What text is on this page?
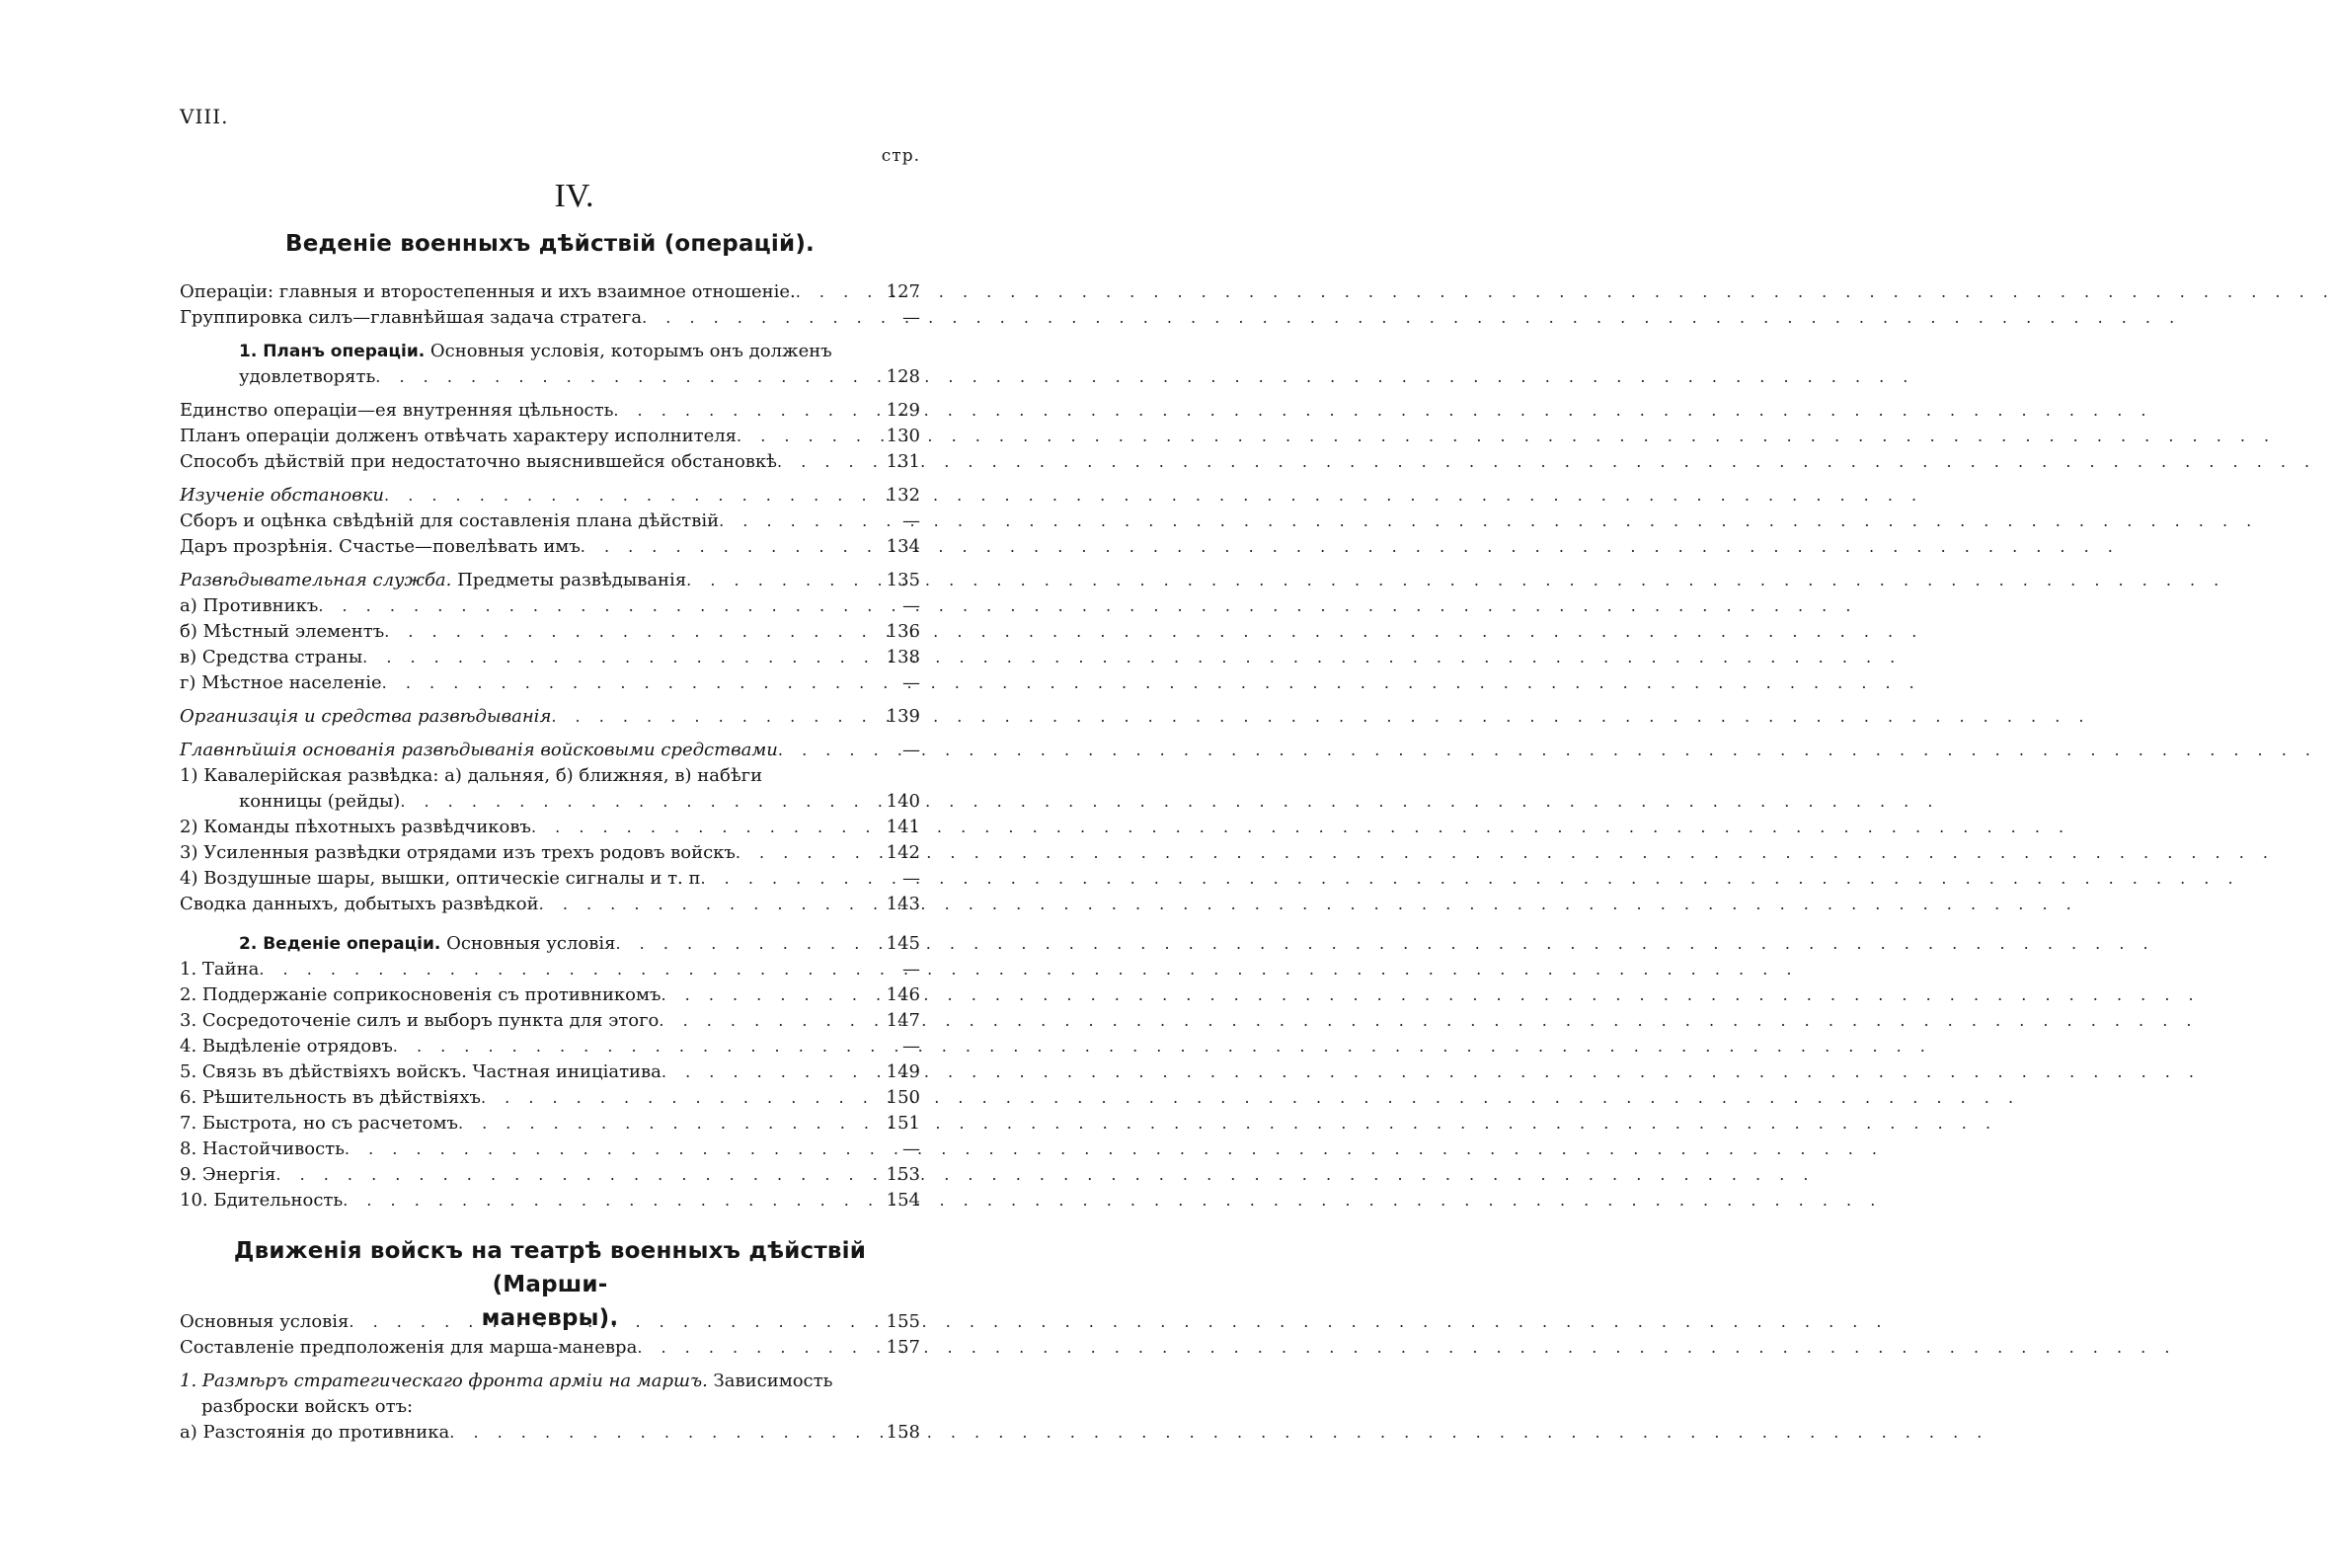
VIII.
стр.
IV.
Веденіе военныхъ дѣйствій (операцій).
Операціи: главныя и второстепенныя и ихъ взаимное отношеніе. . . .	127
Группировка силъ—главнѣйшая задача стратега . . .	—
1. Планъ операціи. Основныя условія, которымъ онъ долженъ
удовлетворять . . .	128
Единство операціи—ея внутренняя цѣльность . . .	129
Планъ операціи долженъ отвѣчать характеру исполнителя . . .	130
Способъ дѣйствій при недостаточно выяснившейся обстановкѣ . . .	131
Изученіе обстановки . . .	132
Сборъ и оцѣнка свѣдѣній для составленія плана дѣйствій . . .	—
Даръ прозрѣнія. Счастье—повелѣвать имъ . . .	134
Развѣдывательная служба. Предметы развѣдыванія . . .	135
а) Противникъ . . .	—
б) Мѣстный элементъ . . .	136
в) Средства страны . . .	138
г) Мѣстное населеніе . . .	—
Организація и средства развѣдыванія . . .	139
Главнѣйшія основанія развѣдыванія войсковыми средствами . . .	—
1) Кавалерійская развѣдка: а) дальняя, б) ближняя, в) набѣги
конницы (рейды) . . .	140
2) Команды пѣхотныхъ развѣдчиковъ . . .	141
3) Усиленныя развѣдки отрядами изъ трехъ родовъ войскъ . . .	142
4) Воздушные шары, вышки, оптическіе сигналы и т. п . . .	—
Сводка данныхъ, добытыхъ развѣдкой . . .	143
2. Веденіе операціи. Основныя условія . . .	145
1. Тайна . . .	—
2. Поддержаніе соприкосновенія съ противникомъ . . .	146
3. Сосредоточеніе силъ и выборъ пункта для этого . . .	147
4. Выдѣленіе отрядовъ . . .	—
5. Связь въ дѣйствіяхъ войскъ. Частная иниціатива . . .	149
6. Рѣшительность въ дѣйствіяхъ . . .	150
7. Быстрота, но съ расчетомъ . . .	151
8. Настойчивость . . .	—
9. Энергія . . .	153
10. Бдительность . . .	154
Движенія войскъ на театрѣ военныхъ дѣйствій (Марши-
маневры).
Основныя условія . . .	155
Составленіе предположенія для марша-маневра . . .	157
1. Размѣръ стратегическаго фронта арміи на маршъ. Зависимость
разброски войскъ отъ:
а) Разстоянія до противника . . .	158
